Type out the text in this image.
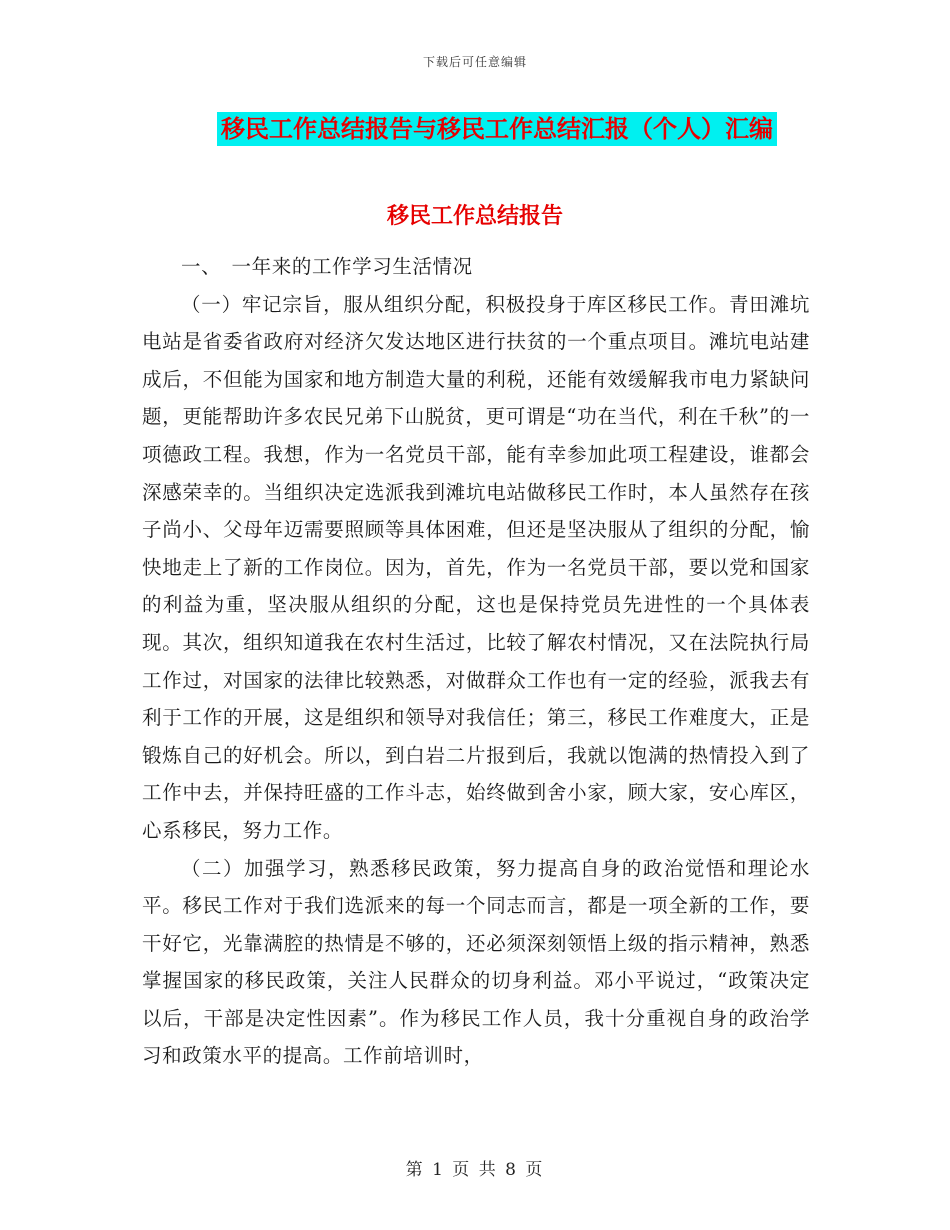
下载后可任意编辑
移民工作总结报告与移民工作总结汇报（个人）汇编
移民工作总结报告

一、　一年来的工作学习生活情况

（一）牢记宗旨，服从组织分配，积极投身于库区移民工作。青田滩坑电站是省委省政府对经济欠发达地区进行扶贫的一个重点项目。滩坑电站建成后，不但能为国家和地方制造大量的利税，还能有效缓解我市电力紧缺问题，更能帮助许多农民兄弟下山脱贫，更可谓是“功在当代，利在千秋”的一项德政工程。我想，作为一名党员干部，能有幸参加此项工程建设，谁都会深感荣幸的。当组织决定选派我到滩坑电站做移民工作时，本人虽然存在孩子尚小、父母年迈需要照顾等具体困难，但还是坚决服从了组织的分配，愉快地走上了新的工作岗位。因为，首先，作为一名党员干部，要以党和国家的利益为重，坚决服从组织的分配，这也是保持党员先进性的一个具体表现。其次，组织知道我在农村生活过，比较了解农村情况，又在法院执行局工作过，对国家的法律比较熟悉，对做群众工作也有一定的经验，派我去有利于工作的开展，这是组织和领导对我信任；第三，移民工作难度大，正是锻炼自己的好机会。所以，到白岩二片报到后，我就以饱满的热情投入到了工作中去，并保持旺盛的工作斗志，始终做到舍小家，顾大家，安心库区，心系移民，努力工作。

（二）加强学习，熟悉移民政策，努力提高自身的政治觉悟和理论水平。移民工作对于我们选派来的每一个同志而言，都是一项全新的工作，要干好它，光靠满腔的热情是不够的，还必须深刻领悟上级的指示精神，熟悉掌握国家的移民政策，关注人民群众的切身利益。邓小平说过，“政策决定以后，干部是决定性因素”。作为移民工作人员，我十分重视自身的政治学习和政策水平的提高。工作前培训时，

第 1 页 共 8 页
